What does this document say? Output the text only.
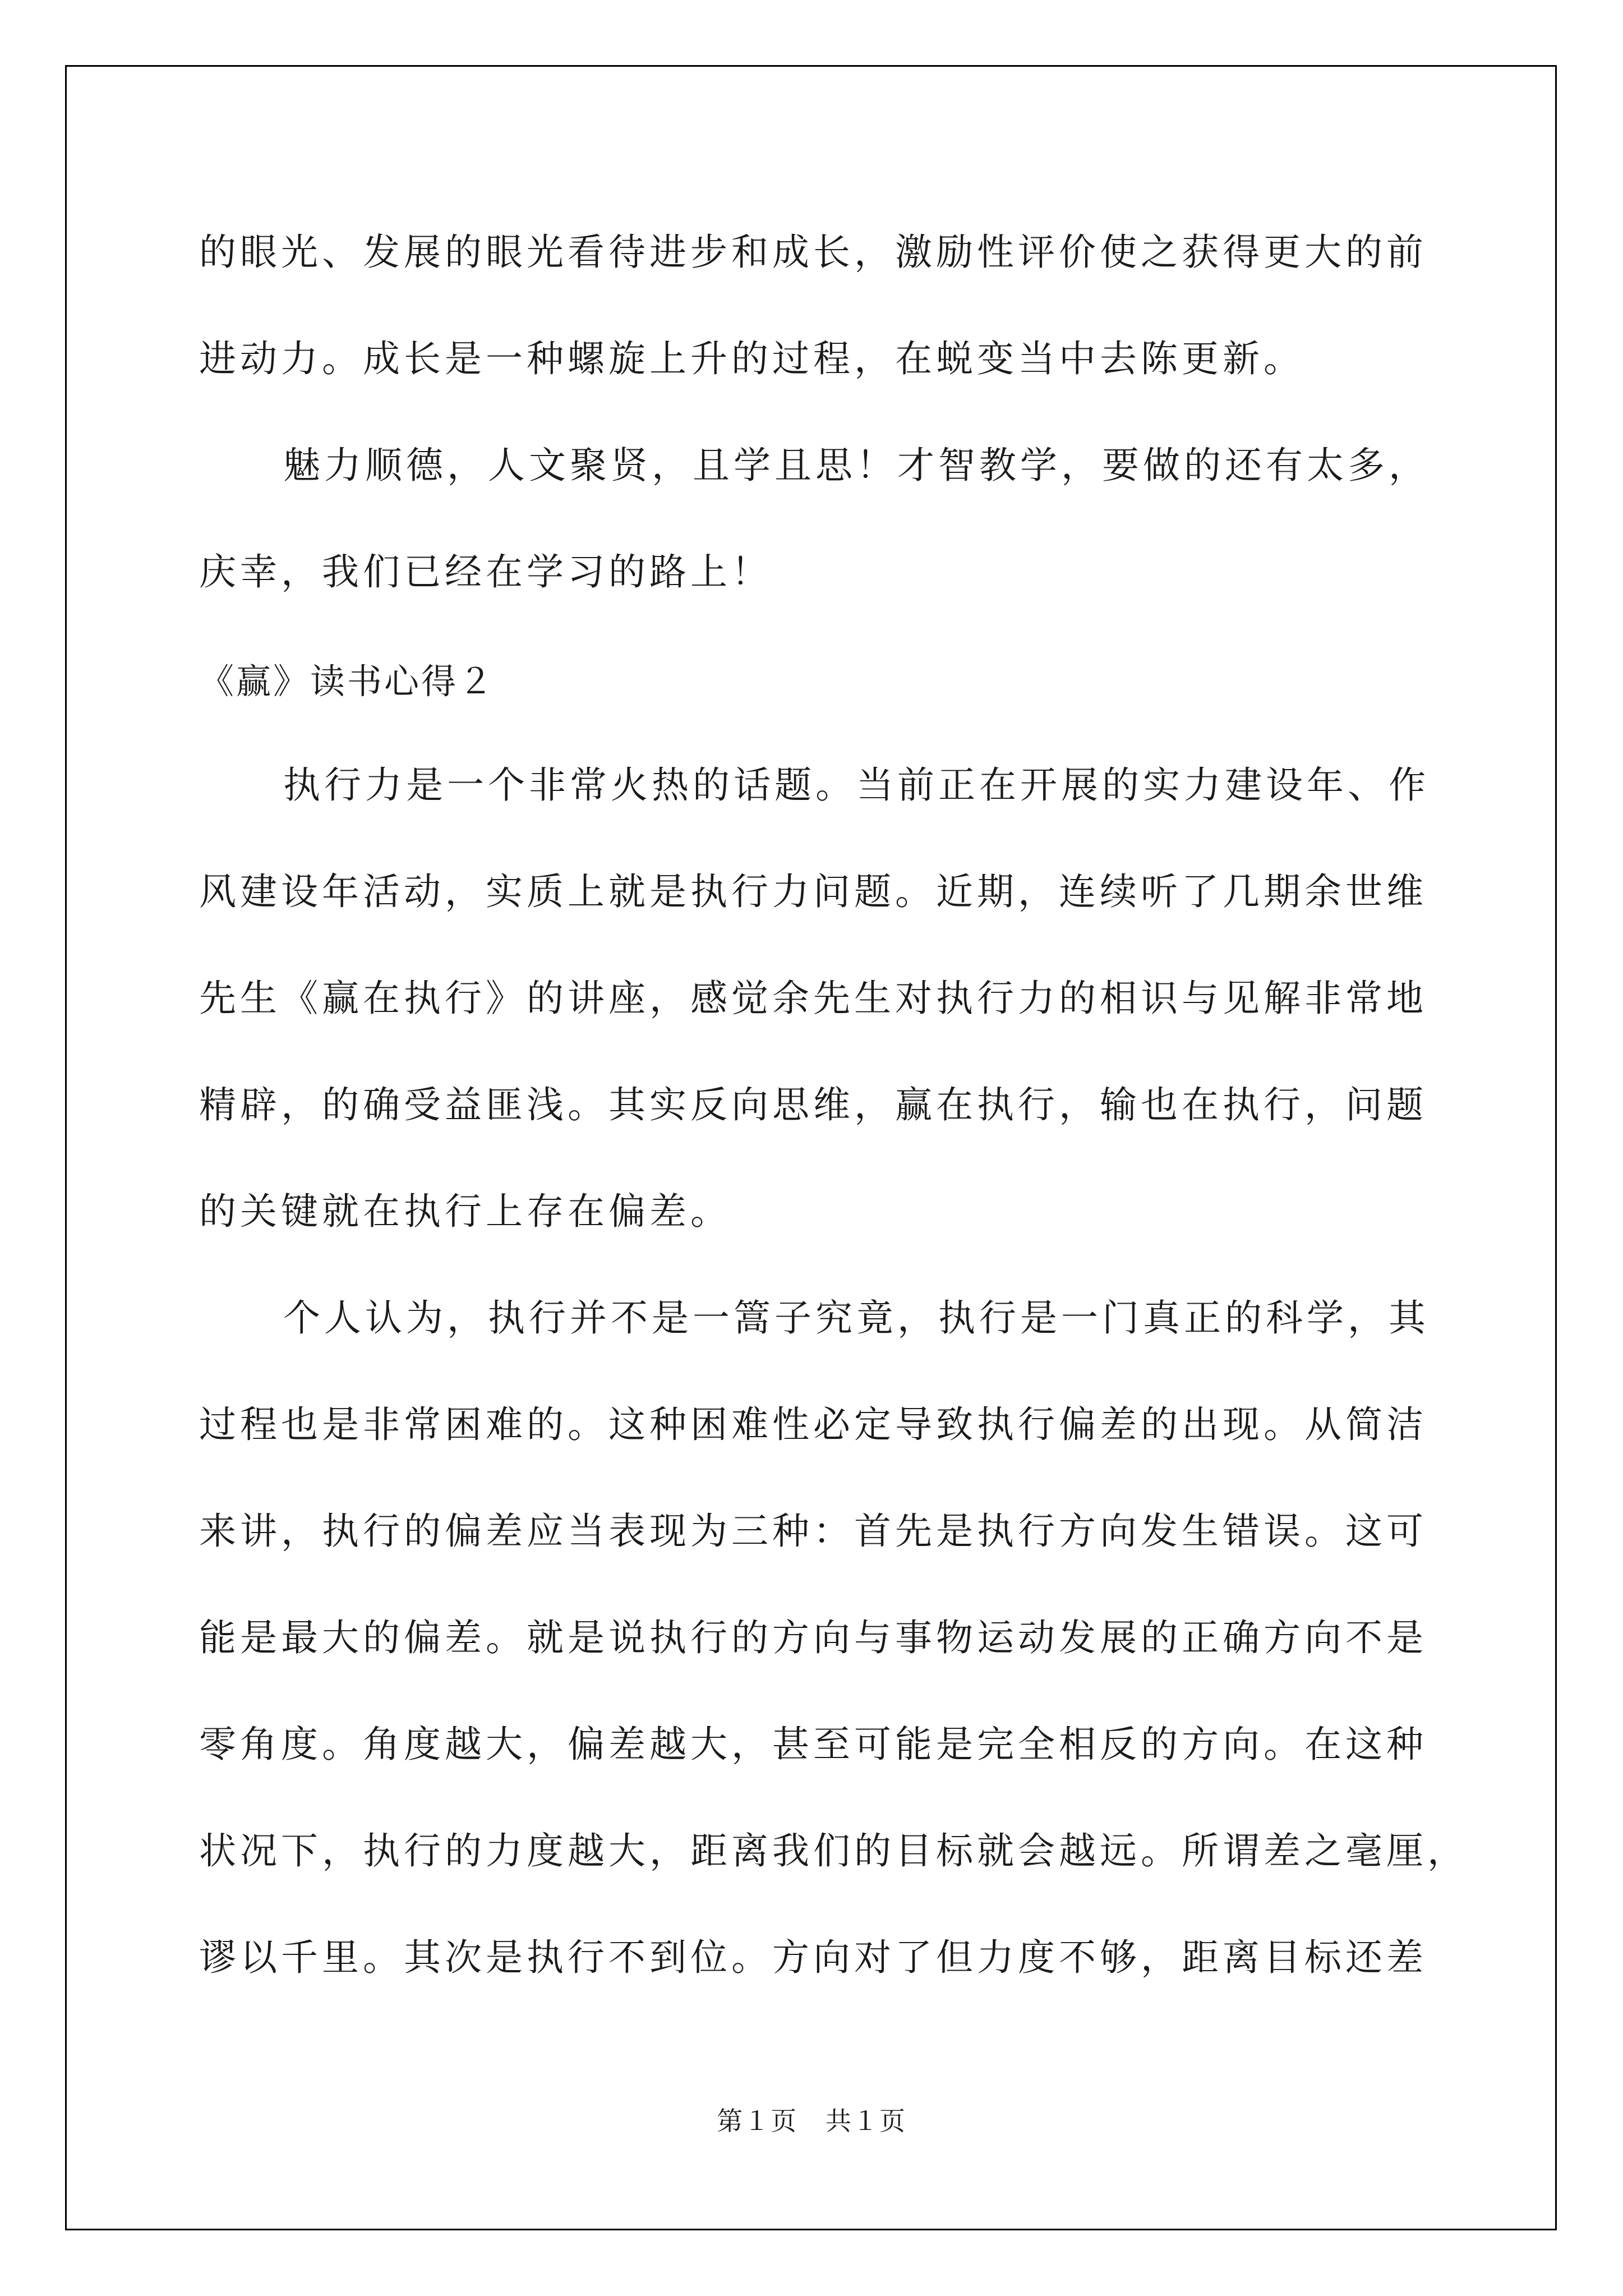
的眼光、发展的眼光看待进步和成长，激励性评价使之获得更大的前
进动力。成长是一种螺旋上升的过程，在蜕变当中去陈更新。
魅力顺德，人文聚贤，且学且思！才智教学，要做的还有太多，
庆幸，我们已经在学习的路上！
《赢》读书心得２
执行力是一个非常火热的话题。当前正在开展的实力建设年、作
风建设年活动，实质上就是执行力问题。近期，连续听了几期余世维
先生《赢在执行》的讲座，感觉余先生对执行力的相识与见解非常地
精辟，的确受益匪浅。其实反向思维，赢在执行，输也在执行，问题
的关键就在执行上存在偏差。
个人认为，执行并不是一篙子究竟，执行是一门真正的科学，其
过程也是非常困难的。这种困难性必定导致执行偏差的出现。从简洁
来讲，执行的偏差应当表现为三种：首先是执行方向发生错误。这可
能是最大的偏差。就是说执行的方向与事物运动发展的正确方向不是
零角度。角度越大，偏差越大，甚至可能是完全相反的方向。在这种
状况下，执行的力度越大，距离我们的目标就会越远。所谓差之毫厘，
谬以千里。其次是执行不到位。方向对了但力度不够，距离目标还差
第１页 共１页
